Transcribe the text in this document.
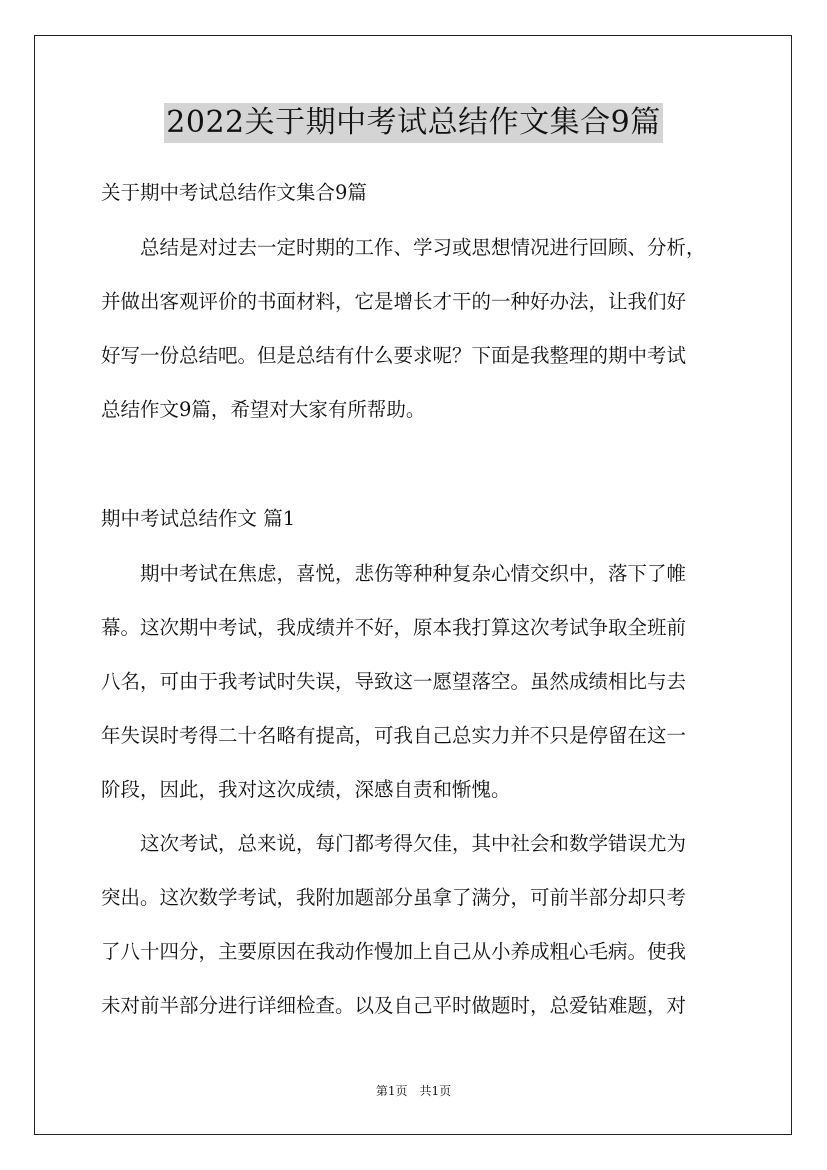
2022关于期中考试总结作文集合9篇
关于期中考试总结作文集合9篇
　　总结是对过去一定时期的工作、学习或思想情况进行回顾、分析，
并做出客观评价的书面材料，它是增长才干的一种好办法，让我们好
好写一份总结吧。但是总结有什么要求呢？下面是我整理的期中考试
总结作文9篇，希望对大家有所帮助。
期中考试总结作文 篇1
　　期中考试在焦虑，喜悦，悲伤等种种复杂心情交织中，落下了帷
幕。这次期中考试，我成绩并不好，原本我打算这次考试争取全班前
八名，可由于我考试时失误，导致这一愿望落空。虽然成绩相比与去
年失误时考得二十名略有提高，可我自己总实力并不只是停留在这一
阶段，因此，我对这次成绩，深感自责和惭愧。
　　这次考试，总来说，每门都考得欠佳，其中社会和数学错误尤为
突出。这次数学考试，我附加题部分虽拿了满分，可前半部分却只考
了八十四分，主要原因在我动作慢加上自己从小养成粗心毛病。使我
未对前半部分进行详细检查。以及自己平时做题时，总爱钻难题，对
第1页　共1页
